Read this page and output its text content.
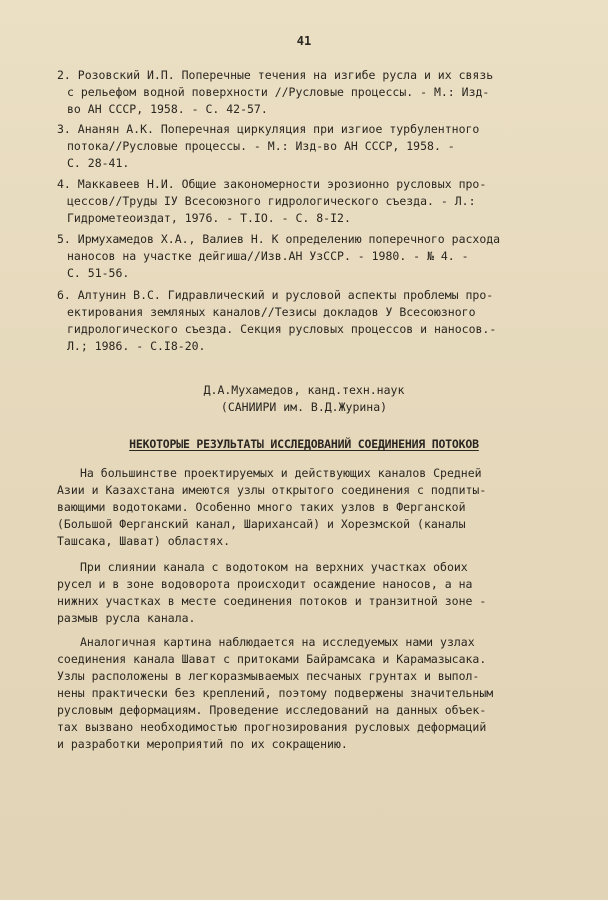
41
2. Розовский И.П. Поперечные течения на изгибе русла и их связь
с рельефом водной поверхности //Русловые процессы. - М.: Изд-
во АН СССР, 1958. - С. 42-57.
3. Ананян А.К. Поперечная циркуляция при изгиое турбулентного
потока//Русловые процессы. - М.: Изд-во АН СССР, 1958. -
С. 28-41.
4. Маккавеев Н.И. Общие закономерности эрозионно русловых про-
цессов//Труды IУ Всесоюзного гидрологического съезда. - Л.:
Гидрометеоиздат, 1976. - Т.IO. - С. 8-I2.
5. Ирмухамедов Х.А., Валиев Н. К определению поперечного расхода
наносов на участке дейгиша//Изв.АН УзССР. - 1980. - № 4. -
С. 51-56.
6. Алтунин В.С. Гидравлический и русловой аспекты проблемы про-
ектирования земляных каналов//Тезисы докладов У Всесоюзного
гидрологического съезда. Секция русловых процессов и наносов.-
Л.; 1986. - С.I8-20.
Д.А.Мухамедов, канд.техн.наук
(САНИИРИ им. В.Д.Журина)
НЕКОТОРЫЕ РЕЗУЛЬТАТЫ ИССЛЕДОВАНИЙ СОЕДИНЕНИЯ ПОТОКОВ
На большинстве проектируемых и действующих каналов Средней
Азии и Казахстана имеются узлы открытого соединения с подпиты-
вающими водотоками. Особенно много таких узлов в Ферганской
(Большой Ферганский канал, Шарихансай) и Хорезмской (каналы
Ташсака, Шават) областях.
При слиянии канала с водотоком на верхних участках обоих
русел и в зоне водоворота происходит осаждение наносов, а на
нижних участках в месте соединения потоков и транзитной зоне -
размыв русла канала.
Аналогичная картина наблюдается на исследуемых нами узлах
соединения канала Шават с притоками Байрамсака и Карамазысака.
Узлы расположены в легкоразмываемых песчаных грунтах и выпол-
нены практически без креплений, поэтому подвержены значительным
русловым деформациям. Проведение исследований на данных объек-
тах вызвано необходимостью прогнозирования русловых деформаций
и разработки мероприятий по их сокращению.
